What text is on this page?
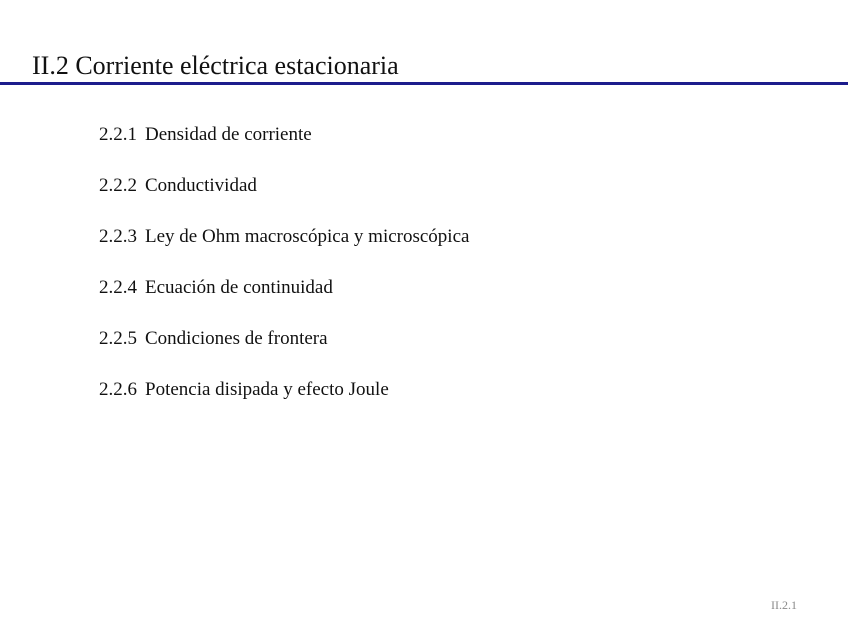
II.2 Corriente eléctrica estacionaria
2.2.1 Densidad de corriente
2.2.2 Conductividad
2.2.3 Ley de Ohm macroscópica y microscópica
2.2.4 Ecuación de continuidad
2.2.5 Condiciones de frontera
2.2.6 Potencia disipada y efecto Joule
II.2.1
